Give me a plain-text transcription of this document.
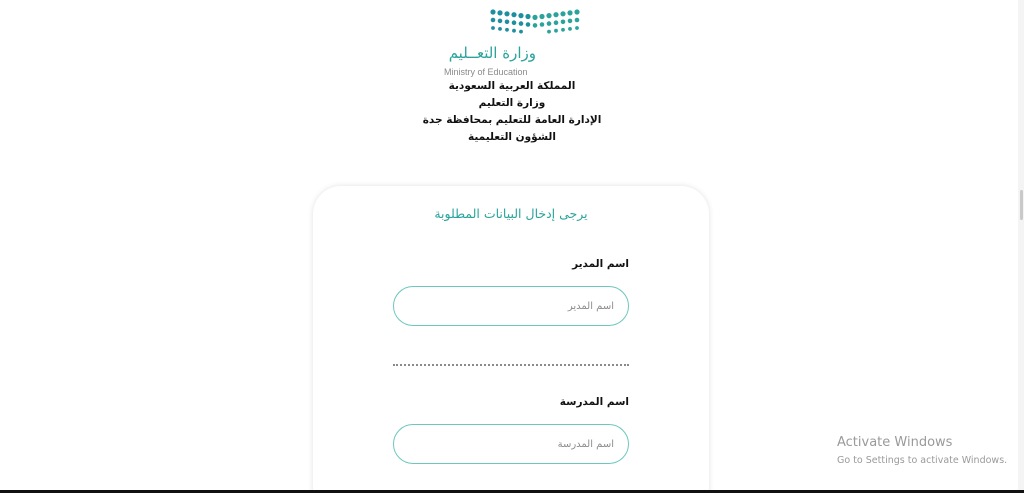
وزارة التعــليم
Ministry of Education
المملكة العربية السعودية
وزارة التعليم
الإدارة العامة للتعليم بمحافظة جدة
الشؤون التعليمية
يرجى إدخال البيانات المطلوبة
اسم المدير
اسم المدير
اسم المدرسة
اسم المدرسة
Activate Windows
Go to Settings to activate Windows.
